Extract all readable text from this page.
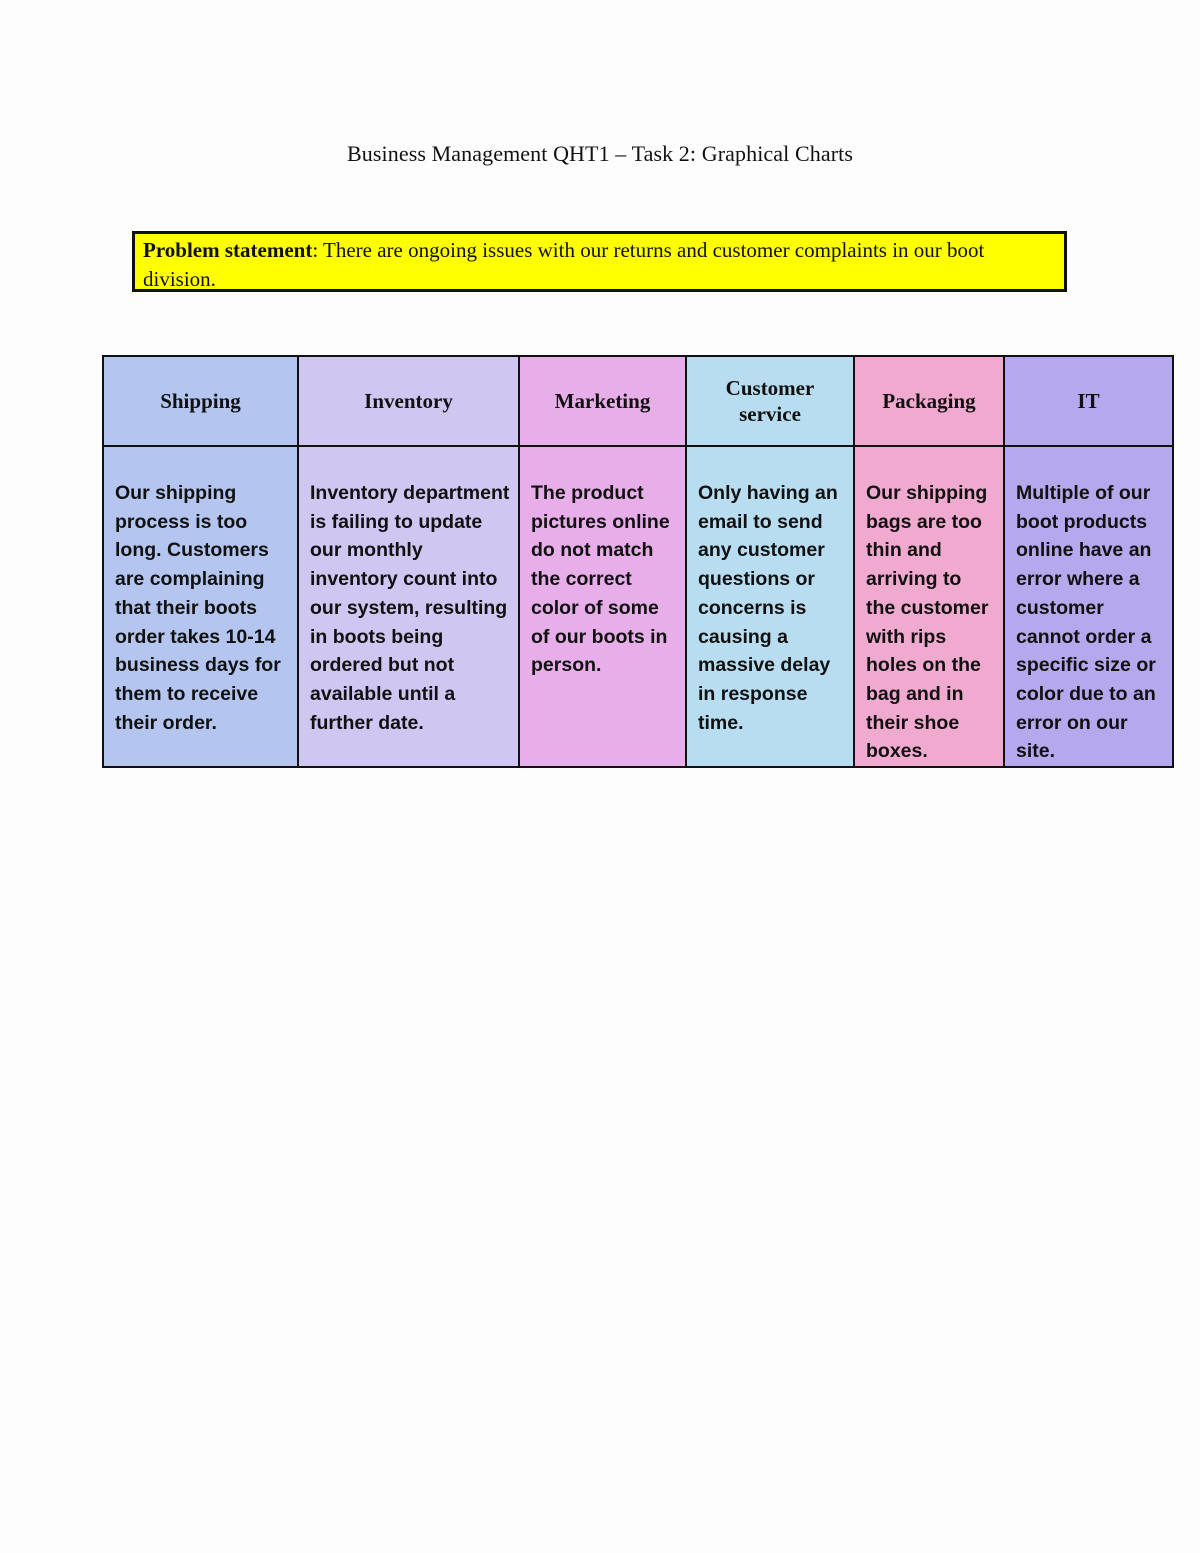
Business Management QHT1 – Task 2: Graphical Charts
Problem statement: There are ongoing issues with our returns and customer complaints in our boot division.
Shipping	Inventory	Marketing	Customer service	Packaging	IT

Our shipping process is too long. Customers are complaining that their boots order takes 10-14 business days for them to receive their order.	Inventory department is failing to update our monthly inventory count into our system, resulting in boots being ordered but not available until a further date.	The product pictures online do not match the correct color of some of our boots in person.	Only having an email to send any customer questions or concerns is causing a massive delay in response time.	Our shipping bags are too thin and arriving to the customer with rips holes on the bag and in their shoe boxes.	Multiple of our boot products online have an error where a customer cannot order a specific size or color due to an error on our site.
